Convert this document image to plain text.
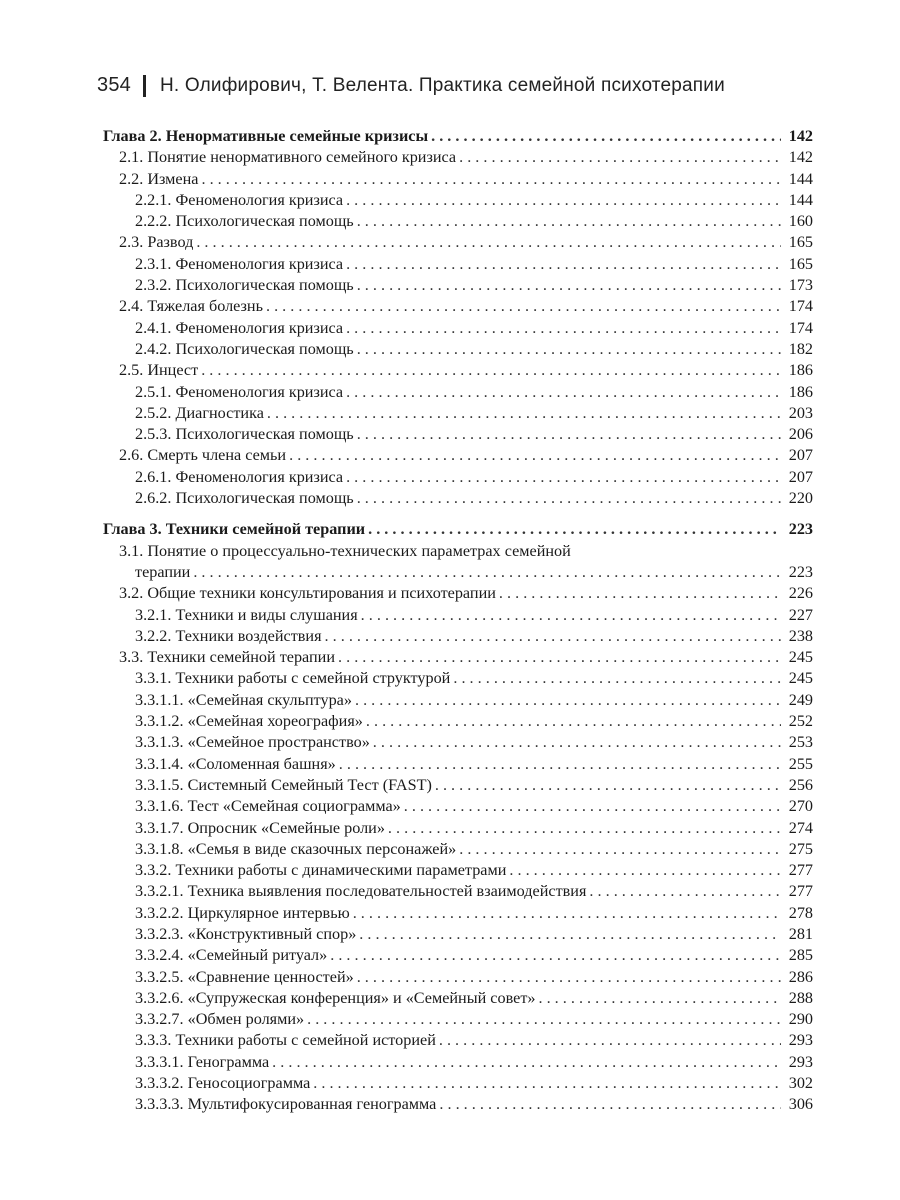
354 Н. Олифирович, Т. Велента. Практика семейной психотерапии
Глава 2. Ненормативные семейные кризисы . . .	142
2.1. Понятие ненормативного семейного кризиса . . .	142
2.2. Измена . . .	144
2.2.1. Феноменология кризиса . . .	144
2.2.2. Психологическая помощь . . .	160
2.3. Развод . . .	165
2.3.1. Феноменология кризиса . . .	165
2.3.2. Психологическая помощь . . .	173
2.4. Тяжелая болезнь . . .	174
2.4.1. Феноменология кризиса . . .	174
2.4.2. Психологическая помощь . . .	182
2.5. Инцест . . .	186
2.5.1. Феноменология кризиса . . .	186
2.5.2. Диагностика . . .	203
2.5.3. Психологическая помощь . . .	206
2.6. Смерть члена семьи . . .	207
2.6.1. Феноменология кризиса . . .	207
2.6.2. Психологическая помощь . . .	220
Глава 3. Техники семейной терапии . . .	223
3.1. Понятие о процессуально-технических параметрах семейной
терапии . . .	223
3.2. Общие техники консультирования и психотерапии . . .	226
3.2.1. Техники и виды слушания . . .	227
3.2.2. Техники воздействия . . .	238
3.3. Техники семейной терапии . . .	245
3.3.1. Техники работы с семейной структурой . . .	245
3.3.1.1. «Семейная скульптура» . . .	249
3.3.1.2. «Семейная хореография» . . .	252
3.3.1.3. «Семейное пространство» . . .	253
3.3.1.4. «Соломенная башня» . . .	255
3.3.1.5. Системный Семейный Тест (FAST) . . .	256
3.3.1.6. Тест «Семейная социограмма» . . .	270
3.3.1.7. Опросник «Семейные роли» . . .	274
3.3.1.8. «Семья в виде сказочных персонажей» . . .	275
3.3.2. Техники работы с динамическими параметрами . . .	277
3.3.2.1. Техника выявления последовательностей взаимодействия . . .	277
3.3.2.2. Циркулярное интервью . . .	278
3.3.2.3. «Конструктивный спор» . . .	281
3.3.2.4. «Семейный ритуал» . . .	285
3.3.2.5. «Сравнение ценностей» . . .	286
3.3.2.6. «Супружеская конференция» и «Семейный совет» . . .	288
3.3.2.7. «Обмен ролями» . . .	290
3.3.3. Техники работы с семейной историей . . .	293
3.3.3.1. Генограмма . . .	293
3.3.3.2. Геносоциограмма . . .	302
3.3.3.3. Мультифокусированная генограмма . . .	306
